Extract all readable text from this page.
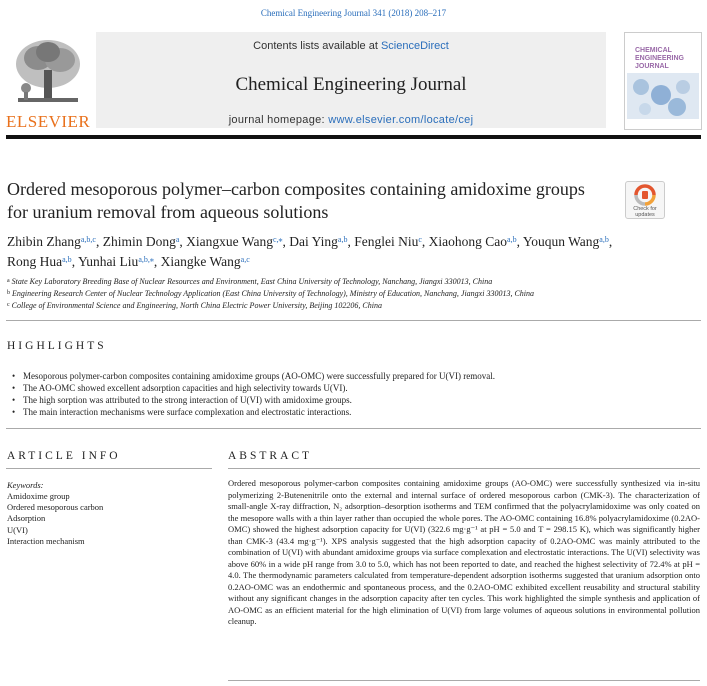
Chemical Engineering Journal 341 (2018) 208–217
ELSEVIER
Contents lists available at ScienceDirect
Chemical Engineering Journal
journal homepage: www.elsevier.com/locate/cej
CHEMICAL ENGINEERING JOURNAL
Ordered mesoporous polymer–carbon composites containing amidoxime groups for uranium removal from aqueous solutions	Check for updates
Zhibin Zhang$^{a,b,c}$, Zhimin Dong$^a$, Xiangxue Wang$^{c,⁎}$, Dai Ying$^{a,b}$, Fenglei Niu$^c$, Xiaohong Cao$^{a,b}$, Youqun Wang$^{a,b}$, Rong Hua$^{a,b}$, Yunhai Liu$^{a,b,⁎}$, Xiangke Wang$^{a,c}$
$^a$ State Key Laboratory Breeding Base of Nuclear Resources and Environment, East China University of Technology, Nanchang, Jiangxi 330013, China
$^b$ Engineering Research Center of Nuclear Technology Application (East China University of Technology), Ministry of Education, Nanchang, Jiangxi 330013, China
$^c$ College of Environmental Science and Engineering, North China Electric Power University, Beijing 102206, China
HIGHLIGHTS
• Mesoporous polymer-carbon composites containing amidoxime groups (AO-OMC) were successfully prepared for U(VI) removal.
• The AO-OMC showed excellent adsorption capacities and high selectivity towards U(VI).
• The high sorption was attributed to the strong interaction of U(VI) with amidoxime groups.
• The main interaction mechanisms were surface complexation and electrostatic interactions.
ARTICLE INFO
Keywords:
Amidoxime group
Ordered mesoporous carbon
Adsorption
U(VI)
Interaction mechanism
ABSTRACT
Ordered mesoporous polymer-carbon composites containing amidoxime groups (AO-OMC) were successfully synthesized via in-situ polymerizing 2-Butenenitrile onto the external and internal surface of ordered mesoporous carbon (CMK-3). The characterization of small-angle X-ray diffraction, N₂ adsorption–desorption isotherms and TEM confirmed that the polyacrylamidoxime was only coated on the mesopore walls with a thin layer rather than occupied the whole pores. The AO-OMC containing 16.8% polyacrylamidoxime (0.2AO-OMC) showed the highest adsorption capacity for U(VI) (322.6 mg·g⁻¹ at pH = 5.0 and T = 298.15 K), which was significantly higher than CMK-3 (43.4 mg·g⁻¹). XPS analysis suggested that the high adsorption capacity of 0.2AO-OMC was mainly attributed to the combination of U(VI) with abundant amidoxime groups via surface complexation and electrostatic interactions. The U(VI) selectivity was above 60% in a wide pH range from 3.0 to 5.0, which has not been reported to date, and reached the highest selectivity of 72.4% at pH = 4.0. The thermodynamic parameters calculated from temperature-dependent adsorption isotherms suggested that uranium adsorption onto 0.2AO-OMC was an endothermic and spontaneous process, and the 0.2AO-OMC exhibited excellent reusability and structural stability without any significant changes in the adsorption capacity after ten cycles. This work highlighted the simple synthesis and application of AO-OMC as an efficient material for the high elimination of U(VI) from large volumes of aqueous solutions in environmental pollution cleanup.
